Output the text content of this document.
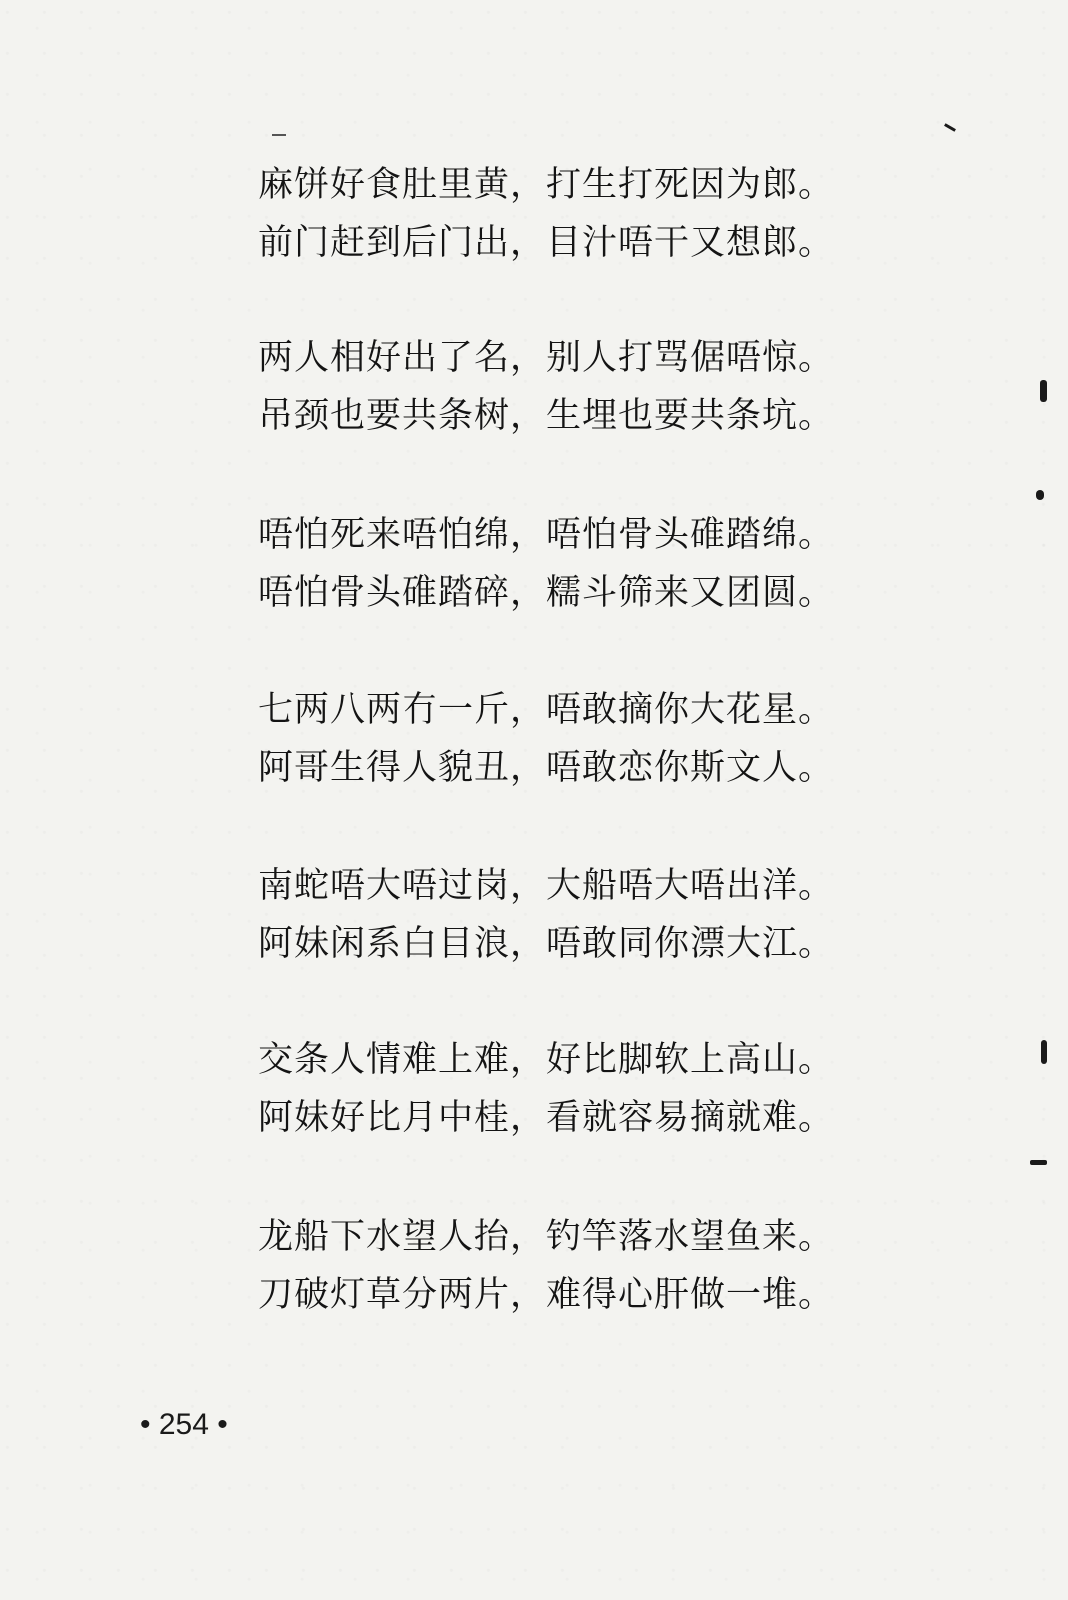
麻饼好食肚里黄，打生打死因为郎。
前门赶到后门出，目汁唔干又想郎。
两人相好出了名，别人打骂倨唔惊。
吊颈也要共条树，生埋也要共条坑。
唔怕死来唔怕绵，唔怕骨头碓踏绵。
唔怕骨头碓踏碎，糯斗筛来又团圆。
七两八两冇一斤，唔敢摘你大花星。
阿哥生得人貌丑，唔敢恋你斯文人。
南蛇唔大唔过岗，大船唔大唔出洋。
阿妹闲系白目浪，唔敢同你漂大江。
交条人情难上难，好比脚软上高山。
阿妹好比月中桂，看就容易摘就难。
龙船下水望人抬，钓竿落水望鱼来。
刀破灯草分两片，难得心肝做一堆。
• 254 •
